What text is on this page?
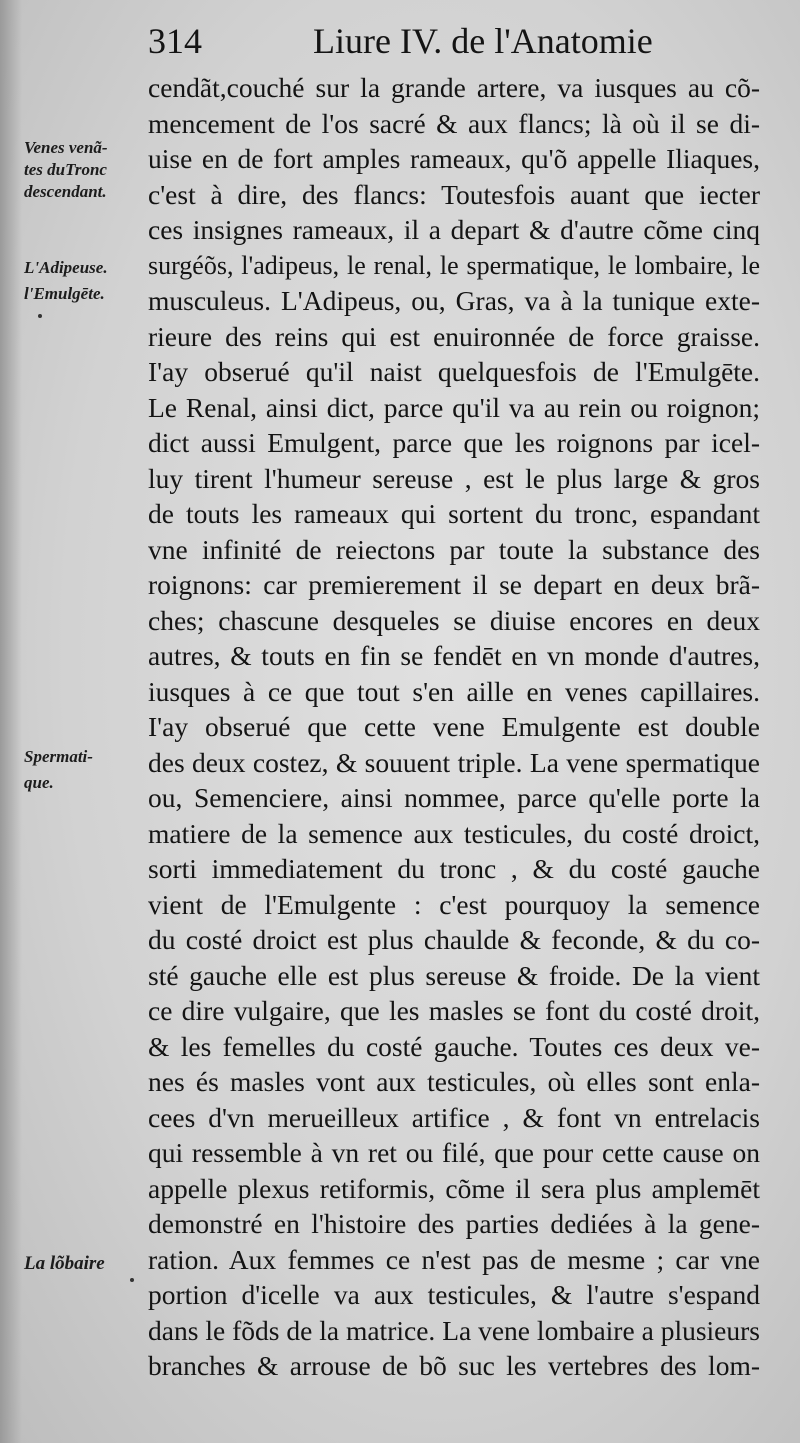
314	Liure IV. de l'Anatomie
Venes venã-
tes duTronc
descendant.
L'Adipeuse.
l'Emulgēte.
Spermati-
que.
La lõbaire
cendãt,couché sur la grande artere, va iusques au cõ-
mencement de l'os sacré & aux flancs; là où il se di-
uise en de fort amples rameaux, qu'õ appelle Iliaques,
c'est à dire, des flancs: Toutesfois auant que iecter
ces insignes rameaux, il a depart & d'autre cõme cinq
surgéõs, l'adipeus, le renal, le spermatique, le lombaire, le
musculeus. L'Adipeus, ou, Gras, va à la tunique exte-
rieure des reins qui est enuironnée de force graisse.
I'ay obserué qu'il naist quelquesfois de l'Emulgēte.
Le Renal, ainsi dict, parce qu'il va au rein ou roignon;
dict aussi Emulgent, parce que les roignons par icel-
luy tirent l'humeur sereuse , est le plus large & gros
de touts les rameaux qui sortent du tronc, espandant
vne infinité de reiectons par toute la substance des
roignons: car premierement il se depart en deux brã-
ches; chascune desqueles se diuise encores en deux
autres, & touts en fin se fendēt en vn monde d'autres,
iusques à ce que tout s'en aille en venes capillaires.
I'ay obserué que cette vene Emulgente est double
des deux costez, & souuent triple. La vene spermatique
ou, Semenciere, ainsi nommee, parce qu'elle porte la
matiere de la semence aux testicules, du costé droict,
sorti immediatement du tronc , & du costé gauche
vient de l'Emulgente : c'est pourquoy la semence
du costé droict est plus chaulde & feconde, & du co-
sté gauche elle est plus sereuse & froide. De la vient
ce dire vulgaire, que les masles se font du costé droit,
& les femelles du costé gauche. Toutes ces deux ve-
nes és masles vont aux testicules, où elles sont enla-
cees d'vn merueilleux artifice , & font vn entrelacis
qui ressemble à vn ret ou filé, que pour cette cause on
appelle plexus retiformis, cõme il sera plus amplemēt
demonstré en l'histoire des parties dediées à la gene-
ration. Aux femmes ce n'est pas de mesme ; car vne
portion d'icelle va aux testicules, & l'autre s'espand
dans le fõds de la matrice. La vene lombaire a plusieurs
branches & arrouse de bõ suc les vertebres des lom-
